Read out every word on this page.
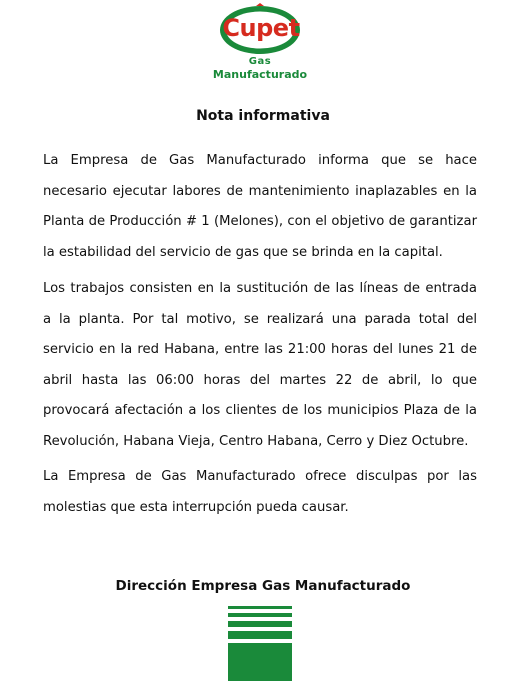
Cupet
Gas
Manufacturado
Nota informativa

La Empresa de Gas Manufacturado informa que se hace necesario ejecutar labores de mantenimiento inaplazables en la Planta de Producción # 1 (Melones), con el objetivo de garantizar la estabilidad del servicio de gas que se brinda en la capital.

Los trabajos consisten en la sustitución de las líneas de entrada a la planta. Por tal motivo, se realizará una parada total del servicio en la red Habana, entre las 21:00 horas del lunes 21 de abril hasta las 06:00 horas del martes 22 de abril, lo que provocará afectación a los clientes de los municipios Plaza de la Revolución, Habana Vieja, Centro Habana, Cerro y Diez Octubre.

La Empresa de Gas Manufacturado ofrece disculpas por las molestias que esta interrupción pueda causar.

Dirección Empresa Gas Manufacturado
